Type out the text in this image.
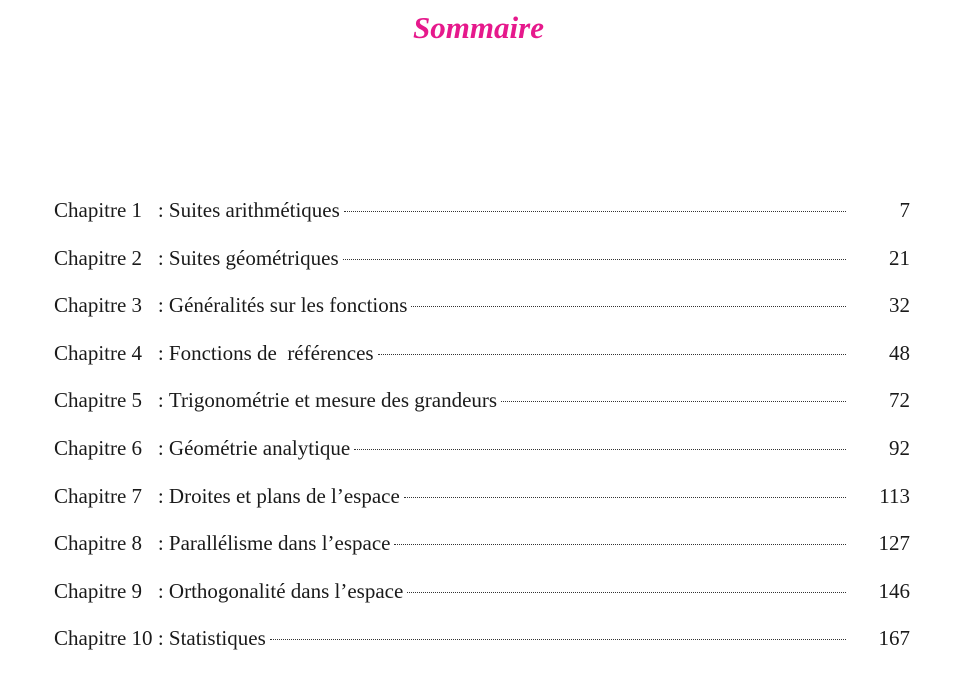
Sommaire
Chapitre 1 : Suites arithmétiques	7
Chapitre 2 : Suites géométriques	21
Chapitre 3 : Généralités sur les fonctions	32
Chapitre 4 : Fonctions de  références	48
Chapitre 5 : Trigonométrie et mesure des grandeurs	72
Chapitre 6 : Géométrie analytique	92
Chapitre 7 : Droites et plans de l’espace	113
Chapitre 8 : Parallélisme dans l’espace	127
Chapitre 9 : Orthogonalité dans l’espace	146
Chapitre 10 : Statistiques	167
